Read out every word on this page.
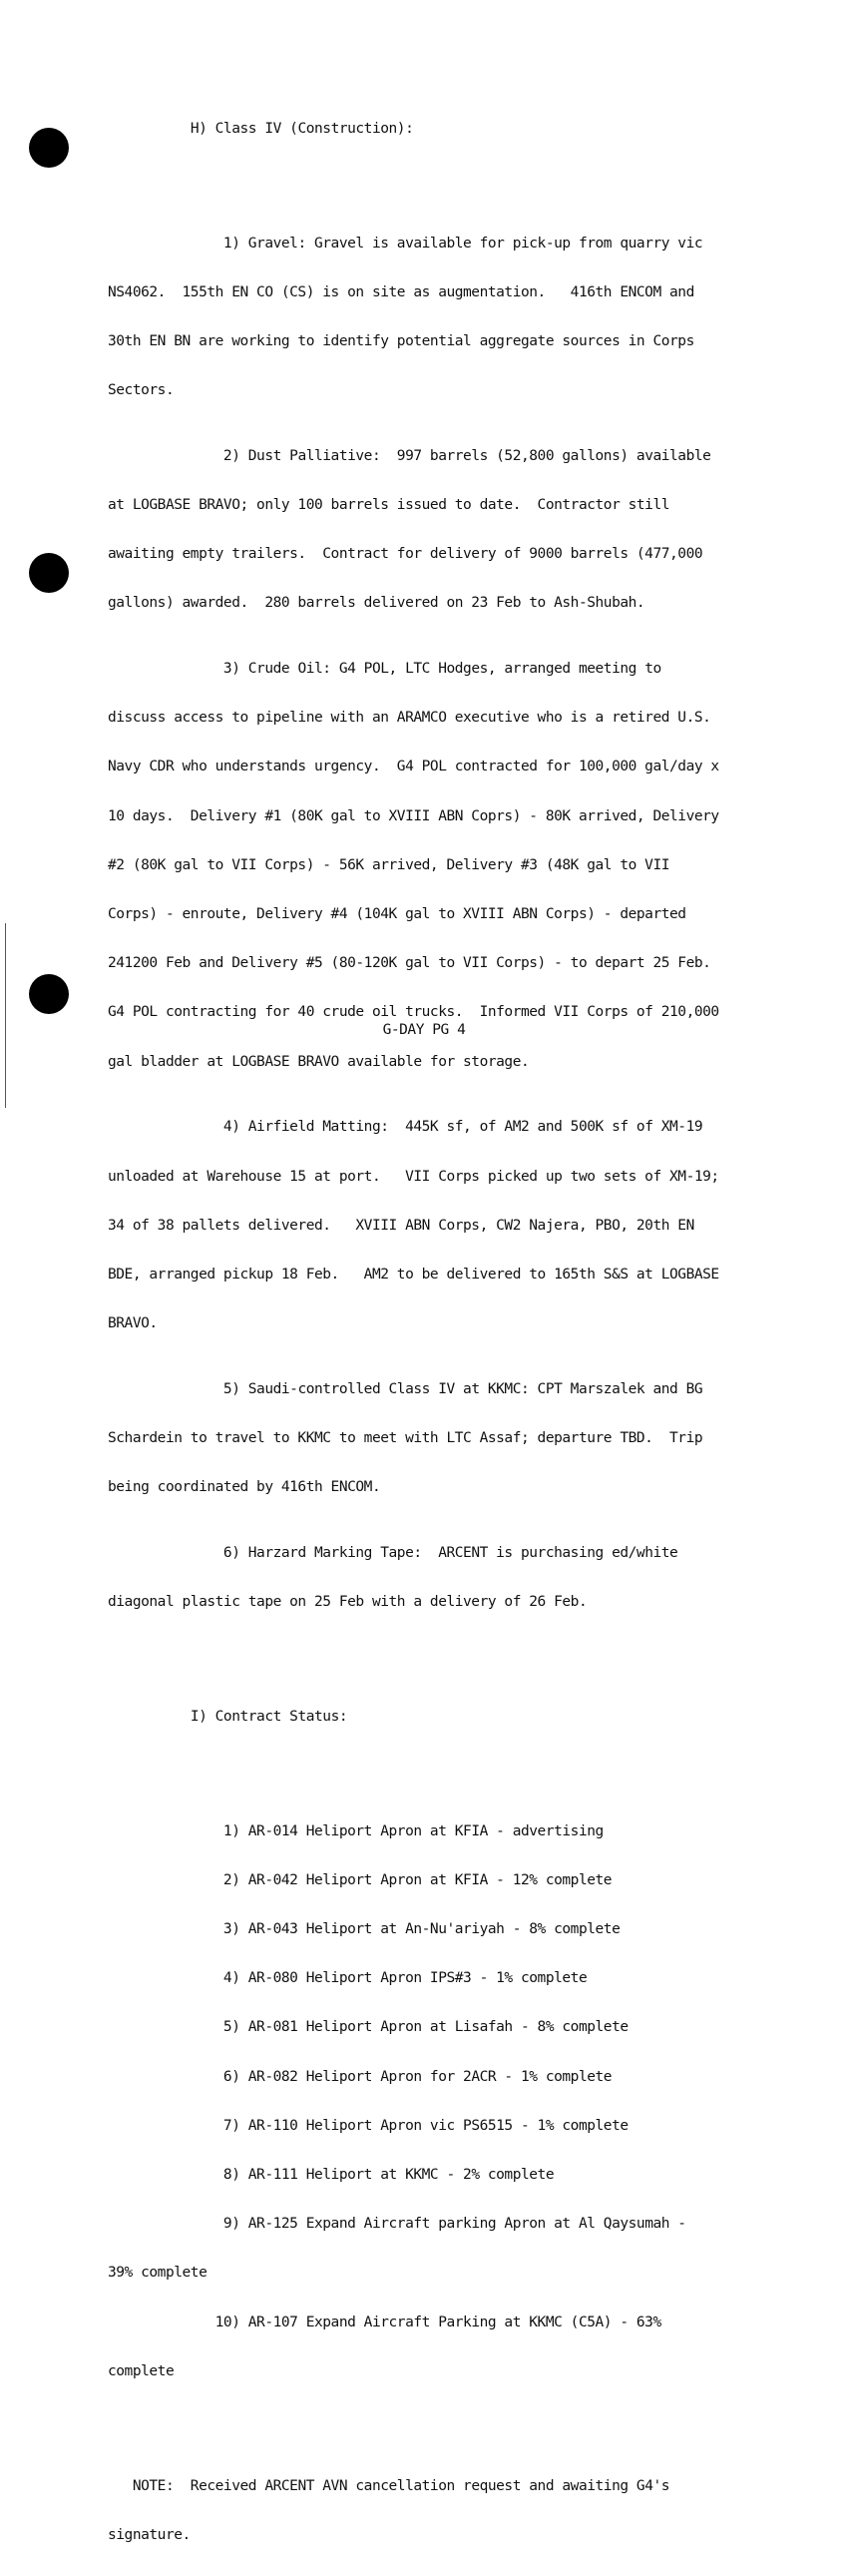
H) Class IV (Construction):

1) Gravel: Gravel is available for pick-up from quarry vic

NS4062.  155th EN CO (CS) is on site as augmentation.   416th ENCOM and

30th EN BN are working to identify potential aggregate sources in Corps

Sectors.

2) Dust Palliative:  997 barrels (52,800 gallons) available

at LOGBASE BRAVO; only 100 barrels issued to date.  Contractor still

awaiting empty trailers.  Contract for delivery of 9000 barrels (477,000

gallons) awarded.  280 barrels delivered on 23 Feb to Ash-Shubah.

3) Crude Oil: G4 POL, LTC Hodges, arranged meeting to

discuss access to pipeline with an ARAMCO executive who is a retired U.S.

Navy CDR who understands urgency.  G4 POL contracted for 100,000 gal/day x

10 days.  Delivery #1 (80K gal to XVIII ABN Coprs) - 80K arrived, Delivery

#2 (80K gal to VII Corps) - 56K arrived, Delivery #3 (48K gal to VII

Corps) - enroute, Delivery #4 (104K gal to XVIII ABN Corps) - departed

241200 Feb and Delivery #5 (80-120K gal to VII Corps) - to depart 25 Feb.

G4 POL contracting for 40 crude oil trucks.  Informed VII Corps of 210,000

gal bladder at LOGBASE BRAVO available for storage.

4) Airfield Matting:  445K sf, of AM2 and 500K sf of XM-19

unloaded at Warehouse 15 at port.   VII Corps picked up two sets of XM-19;

34 of 38 pallets delivered.   XVIII ABN Corps, CW2 Najera, PBO, 20th EN

BDE, arranged pickup 18 Feb.   AM2 to be delivered to 165th S&S at LOGBASE

BRAVO.

5) Saudi-controlled Class IV at KKMC: CPT Marszalek and BG

Schardein to travel to KKMC to meet with LTC Assaf; departure TBD.  Trip

being coordinated by 416th ENCOM.

6) Harzard Marking Tape:  ARCENT is purchasing ed/white

diagonal plastic tape on 25 Feb with a delivery of 26 Feb.

I) Contract Status:

1) AR-014 Heliport Apron at KFIA - advertising

2) AR-042 Heliport Apron at KFIA - 12% complete

3) AR-043 Heliport at An-Nu'ariyah - 8% complete

4) AR-080 Heliport Apron IPS#3 - 1% complete

5) AR-081 Heliport Apron at Lisafah - 8% complete

6) AR-082 Heliport Apron for 2ACR - 1% complete

7) AR-110 Heliport Apron vic PS6515 - 1% complete

8) AR-111 Heliport at KKMC - 2% complete

9) AR-125 Expand Aircraft parking Apron at Al Qaysumah -

39% complete

10) AR-107 Expand Aircraft Parking at KKMC (C5A) - 63%

complete

NOTE:  Received ARCENT AVN cancellation request and awaiting G4's

signature.

G-DAY PG 4
